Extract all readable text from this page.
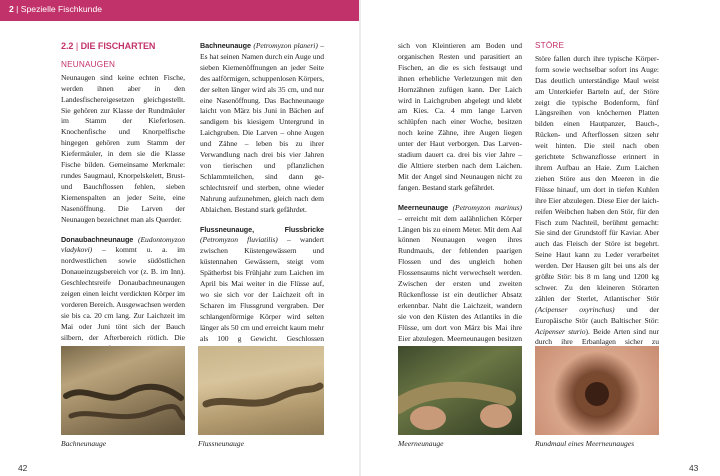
2 | Spezielle Fischkunde
2.2 | DIE FISCHARTEN
NEUNAUGEN

Neunaugen sind keine echten Fische, werden ihnen aber in den Landesfischereigesetzen gleichgestellt. Sie gehören zur Klasse der Rundmäuler im Stamm der Kieferlosen. Knochenfische und Knorpelfische hingegen gehören zum Stamm der Kiefermäuler, in dem sie die Klasse Fische bilden. Gemeinsame Merkmale: rundes Saugmaul, Knorpelskelett, Brust- und Bauchflossen fehlen, sieben Kiemenspalten an jeder Seite, eine Nasenöffnung. Die Larven der Neunaugen bezeichnet man als Querder.

Donaubachneunauge (Eudontomyzon vladykovi) – kommt u. a. im nordwestlichen sowie südöstlichen Donaueinzugsbereich vor (z. B. im Inn). Geschlechtsreife Donaubachneunaugen zeigen einen leicht verdickten Körper im vorderen Bereich. Ausgewachsen werden sie bis ca. 20 cm lang. Zur Laichzeit im Mai oder Juni tönt sich der Bauch silbern, der Afterbereich rötlich. Die

Bachneunauge (Petromyzon planeri) – Es hat seinen Namen durch ein Auge und sieben Kiemenöffnungen an jeder Seite des aalförmigen, schuppenlosen Körpers, der selten länger wird als 35 cm, und nur eine Nasenöffnung. Das Bachneunauge laicht von März bis Juni in Bächen auf sandigem bis kiesigem Untergrund in Laichgruben. Die Larven – ohne Augen und Zähne – leben bis zu ihrer Verwandlung nach drei bis vier Jahren von tierischen und pflanzlichen Schlammteilchen, sind dann geschlechtsreif und sterben, ohne wieder Nahrung aufzunehmen, gleich nach dem Ablaichen. Bestand stark gefährdet.

Flussneunauge, Flussbricke (Petromyzon fluviatilis) – wandert zwischen Küstengewässern und küstennahen Gewässern, steigt vom Spätherbst bis Frühjahr zum Laichen im April bis Mai weiter in die Flüsse auf, wo sie sich vor der Laichzeit oft in Scharen im Flussgrund vergraben. Der schlangenförmige Körper wird selten länger als 50 cm und erreicht kaum mehr als 100 g Gewicht. Geschlossen

sich von Kleintieren am Boden und organischen Resten und parasitiert an Fischen, an die es sich festsaugt und ihnen erhebliche Verletzungen mit den Hornzähnen zufügen kann. Der Laich wird in Laichgruben abgelegt und klebt am Kies. Ca. 4 mm lange Larven schlüpfen nach einer Woche, besitzen noch keine Zähne, ihre Augen liegen unter der Haut verborgen. Das Larvenstadium dauert ca. drei bis vier Jahre – die Alttiere sterben nach dem Laichen. Mit der Angel sind Neunaugen nicht zu fangen. Bestand stark gefährdet.

Meerneunauge (Petromyzon marinus) – erreicht mit dem aalähnlichen Körper Längen bis zu einem Meter. Mit dem Aal können Neunaugen wegen ihres Rundmauls, der fehlenden paarigen Flossen und des ungleich hohen Flossensaums nicht verwechselt werden. Zwischen der ersten und zweiten Rückenflosse ist ein deutlicher Absatz erkennbar. Naht die Laichzeit, wandern sie von den Küsten des Atlantiks in die Flüsse, um dort von März bis Mai ihre Eier abzulegen. Meerneunaugen besitzen

STÖRE

Störe fallen durch ihre typische Körperform sowie wechselbar sofort ins Auge: Das deutlich unterständige Maul weist am Unterkiefer Barteln auf, der Störe zeigt die typische Bodenform, fünf Längsreihen von knöchernen Platten bilden einen Hautpanzer, Bauch-, Rücken- und Afterflossen sitzen sehr weit hinten. Die steil nach oben gerichtete Schwanzflosse erinnert in ihrem Aufbau an Haie. Zum Laichen ziehen Störe aus den Meeren in die Flüsse hinauf, um dort in tiefen Kuhlen ihre Eier abzulegen. Diese Eier der laichreifen Weibchen haben den Stör, für den Fisch zum Nachteil, berühmt gemacht: Sie sind der Grundstoff für Kaviar. Aber auch das Fleisch der Störe ist begehrt. Seine Haut kann zu Leder verarbeitet werden. Der Hausen gilt bei uns als der größte Stör: bis 8 m lang und 1200 kg schwer. Zu den kleineren Störarten zählen der Sterlet, Atlantischer Stör (Acipenser oxyrinchus) und der Europäische Stör (auch Baltischer Stör: Acipenser sturio). Beide Arten sind nur durch ihre Erbanlagen sicher zu

Bachneunauge	Flussneunauge	Meerneunauge	Rundmaul eines Meerneunauges
42	43
